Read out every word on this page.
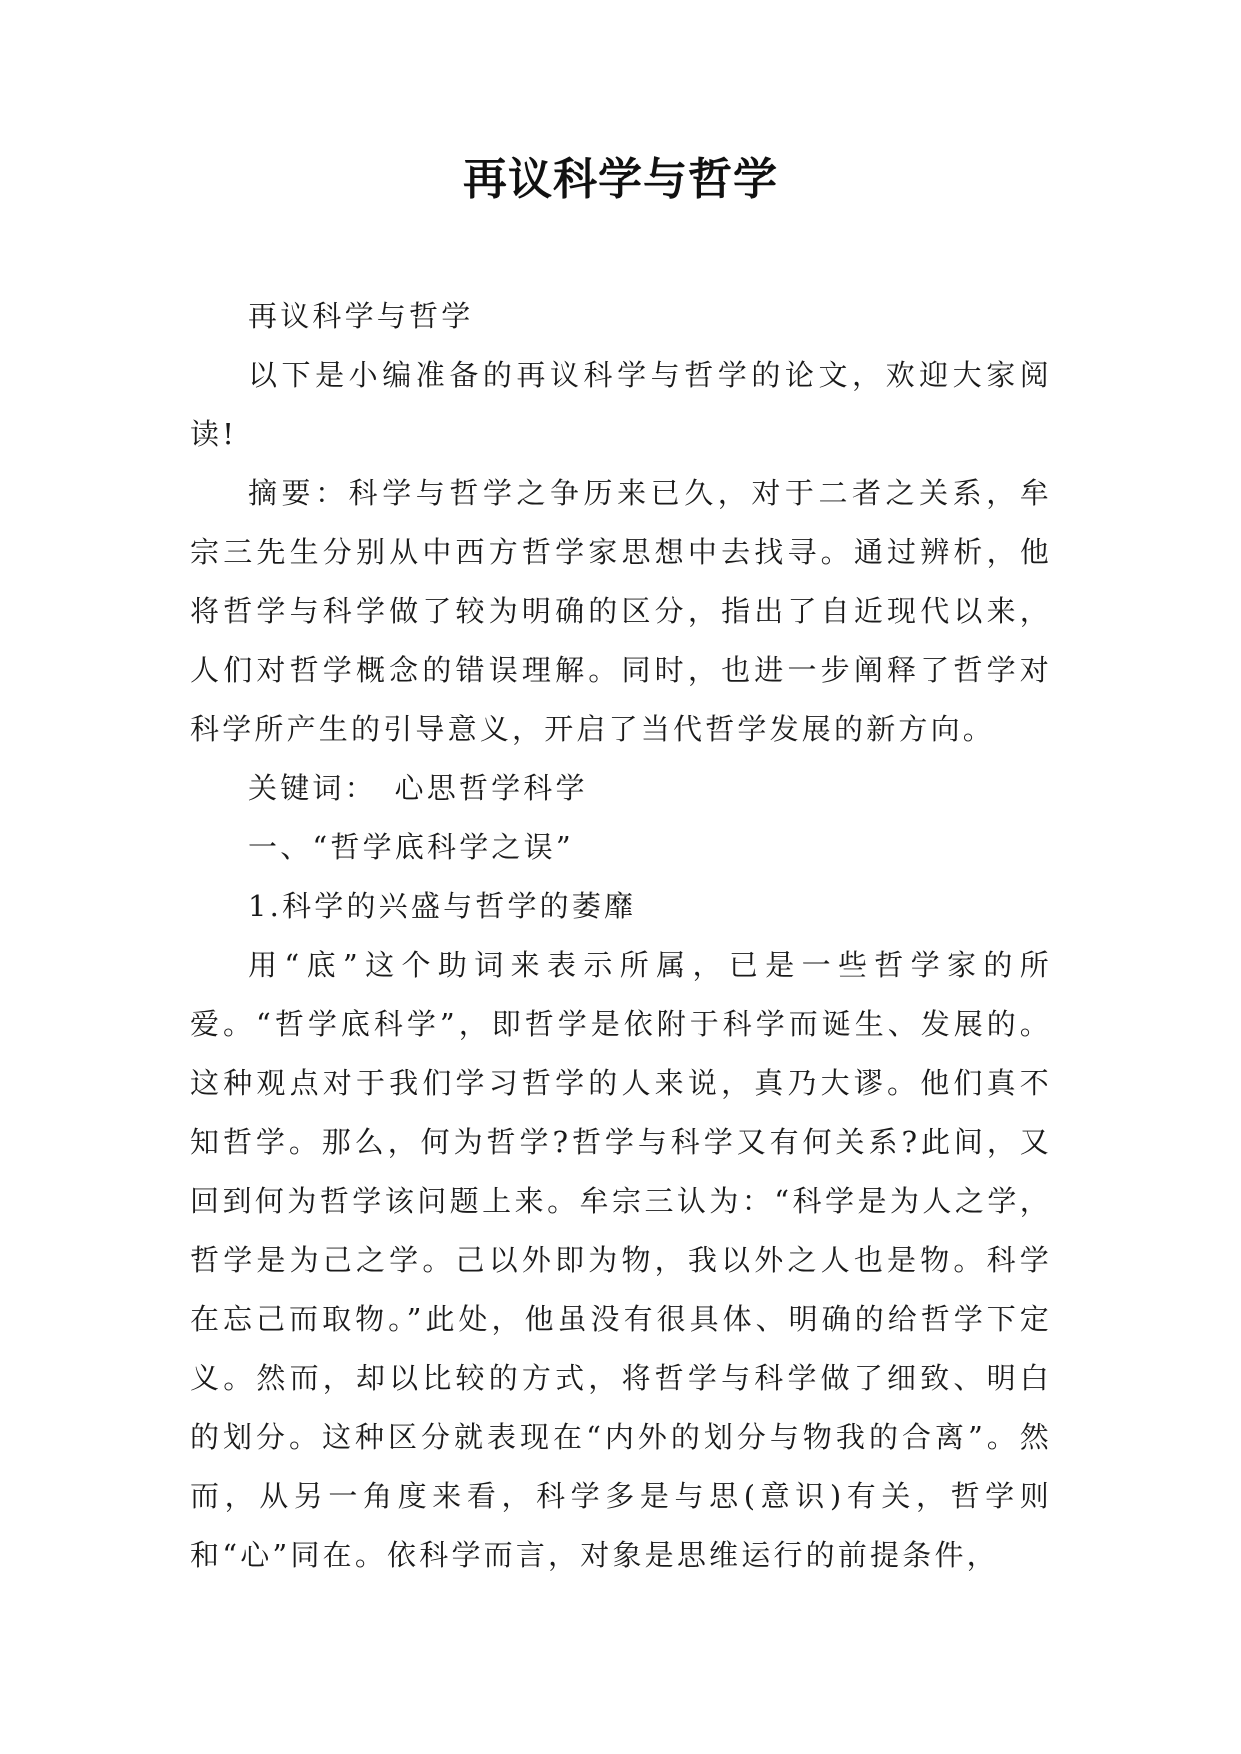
再议科学与哲学

再议科学与哲学

以下是小编准备的再议科学与哲学的论文，欢迎大家阅读!

摘要：科学与哲学之争历来已久，对于二者之关系，牟宗三先生分别从中西方哲学家思想中去找寻。通过辨析，他将哲学与科学做了较为明确的区分，指出了自近现代以来，人们对哲学概念的错误理解。同时，也进一步阐释了哲学对科学所产生的引导意义，开启了当代哲学发展的新方向。

关键词：　心思哲学科学

一、“哲学底科学之误”

1.科学的兴盛与哲学的萎靡

用“底”这个助词来表示所属，已是一些哲学家的所爱。“哲学底科学”，即哲学是依附于科学而诞生、发展的。这种观点对于我们学习哲学的人来说，真乃大谬。他们真不知哲学。那么，何为哲学?哲学与科学又有何关系?此间，又回到何为哲学该问题上来。牟宗三认为：“科学是为人之学，哲学是为己之学。己以外即为物，我以外之人也是物。科学在忘己而取物。”此处，他虽没有很具体、明确的给哲学下定义。然而，却以比较的方式，将哲学与科学做了细致、明白的划分。这种区分就表现在“内外的划分与物我的合离”。然而，从另一角度来看，科学多是与思(意识)有关，哲学则和“心”同在。依科学而言，对象是思维运行的前提条件，
